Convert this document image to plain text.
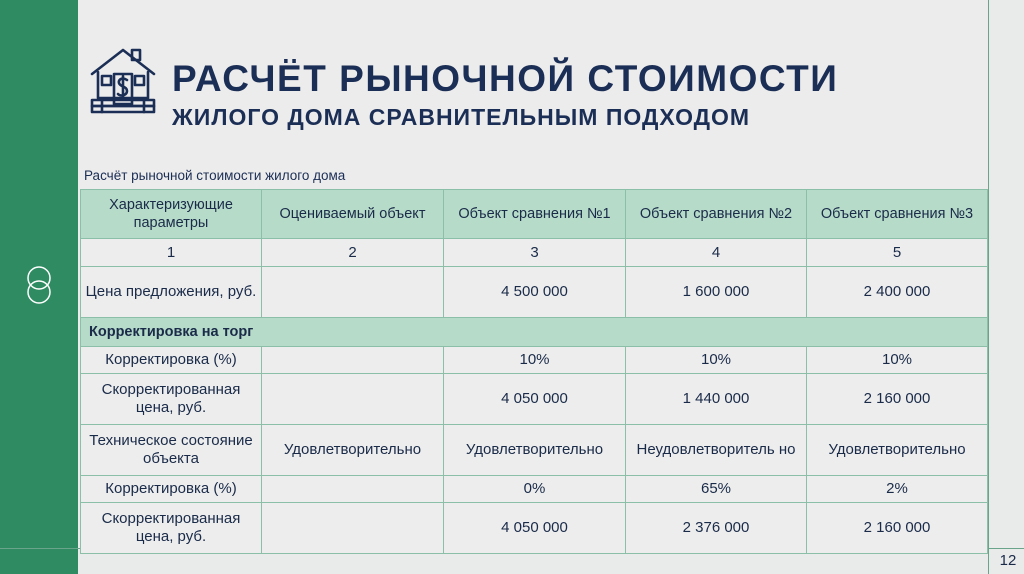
РАСЧЁТ РЫНОЧНОЙ СТОИМОСТИ
ЖИЛОГО ДОМА СРАВНИТЕЛЬНЫМ ПОДХОДОМ
Расчёт рыночной стоимости жилого дома
Характеризующие параметры	Оцениваемый объект	Объект сравнения №1	Объект сравнения №2	Объект сравнения №3
1	2	3	4	5
Цена предложения, руб.		4 500 000	1 600 000	2 400 000
Корректировка на торг				
Корректировка (%)		10%	10%	10%
Скорректированная цена, руб.		4 050 000	1 440 000	2 160 000
Техническое состояние объекта	Удовлетворительно	Удовлетворительно	Неудовлетворитель но	Удовлетворительно
Корректировка (%)		0%	65%	2%
Скорректированная цена, руб.		4 050 000	2 376 000	2 160 000
12
